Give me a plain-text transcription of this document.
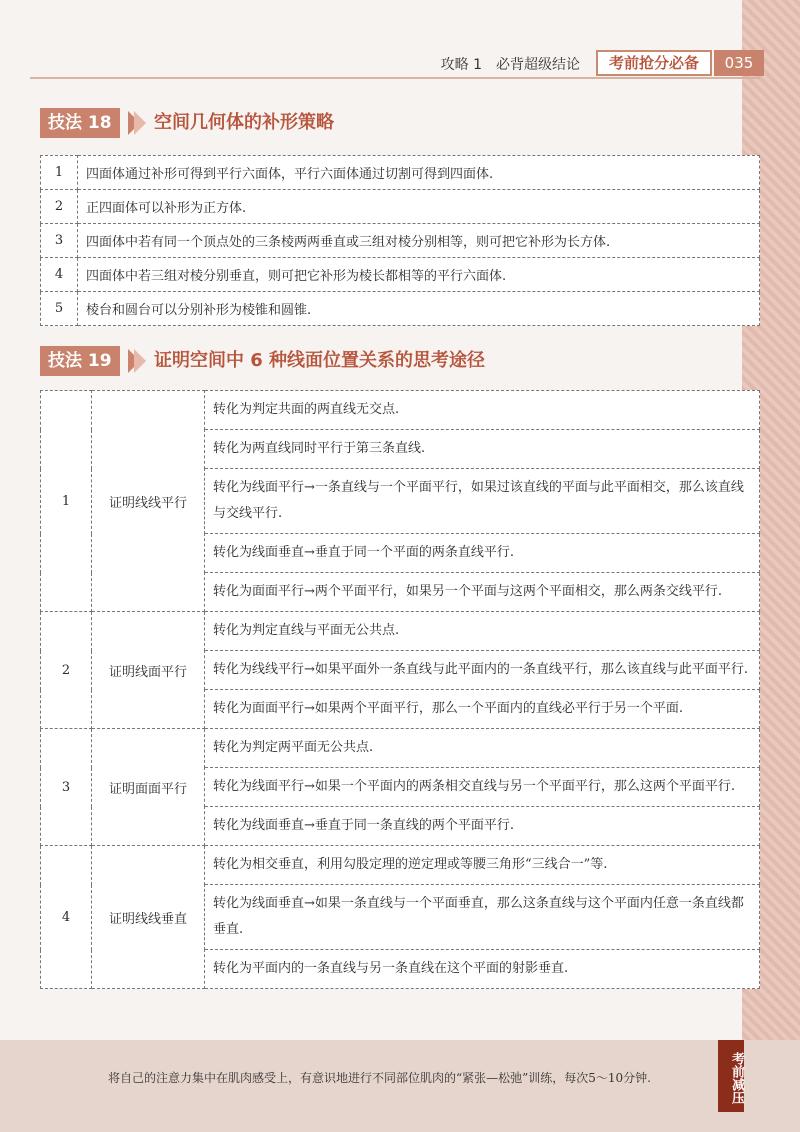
攻略 1　必背超级结论	考前抢分必备	035
技法 18	空间几何体的补形策略
1	四面体通过补形可得到平行六面体，平行六面体通过切割可得到四面体.
2	正四面体可以补形为正方体.
3	四面体中若有同一个顶点处的三条棱两两垂直或三组对棱分别相等，则可把它补形为长方体.
4	四面体中若三组对棱分别垂直，则可把它补形为棱长都相等的平行六面体.
5	棱台和圆台可以分别补形为棱锥和圆锥.
技法 19	证明空间中 6 种线面位置关系的思考途径
1	证明线线平行	转化为判定共面的两直线无交点.
		转化为两直线同时平行于第三条直线.
		转化为线面平行→一条直线与一个平面平行，如果过该直线的平面与此平面相交，那么该直线与交线平行.
		转化为线面垂直→垂直于同一个平面的两条直线平行.
		转化为面面平行→两个平面平行，如果另一个平面与这两个平面相交，那么两条交线平行.
2	证明线面平行	转化为判定直线与平面无公共点.
		转化为线线平行→如果平面外一条直线与此平面内的一条直线平行，那么该直线与此平面平行.
		转化为面面平行→如果两个平面平行，那么一个平面内的直线必平行于另一个平面.
3	证明面面平行	转化为判定两平面无公共点.
		转化为线面平行→如果一个平面内的两条相交直线与另一个平面平行，那么这两个平面平行.
		转化为线面垂直→垂直于同一条直线的两个平面平行.
4	证明线线垂直	转化为相交垂直，利用勾股定理的逆定理或等腰三角形“三线合一”等.
		转化为线面垂直→如果一条直线与一个平面垂直，那么这条直线与这个平面内任意一条直线都垂直.
		转化为平面内的一条直线与另一条直线在这个平面的射影垂直.
将自己的注意力集中在肌肉感受上，有意识地进行不同部位肌肉的“紧张—松弛”训练，每次5～10分钟.	考前减压
